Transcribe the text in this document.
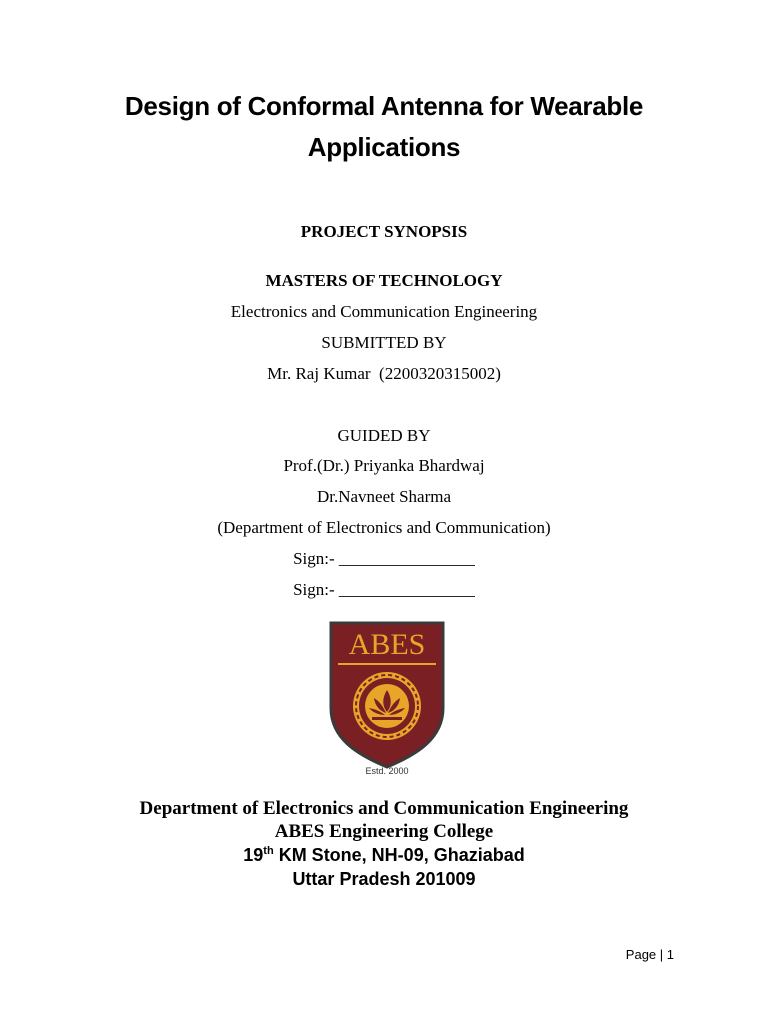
Design of Conformal Antenna for Wearable
Applications
PROJECT SYNOPSIS
MASTERS OF TECHNOLOGY
Electronics and Communication Engineering
SUBMITTED BY
Mr. Raj Kumar  (2200320315002)
GUIDED BY
Prof.(Dr.) Priyanka Bhardwaj
Dr.Navneet Sharma
(Department of Electronics and Communication)
Sign:- ________________
Sign:- ________________
ABES
Estd. 2000
Department of Electronics and Communication Engineering
ABES Engineering College
19th KM Stone, NH-09, Ghaziabad
Uttar Pradesh 201009
Page | 1
